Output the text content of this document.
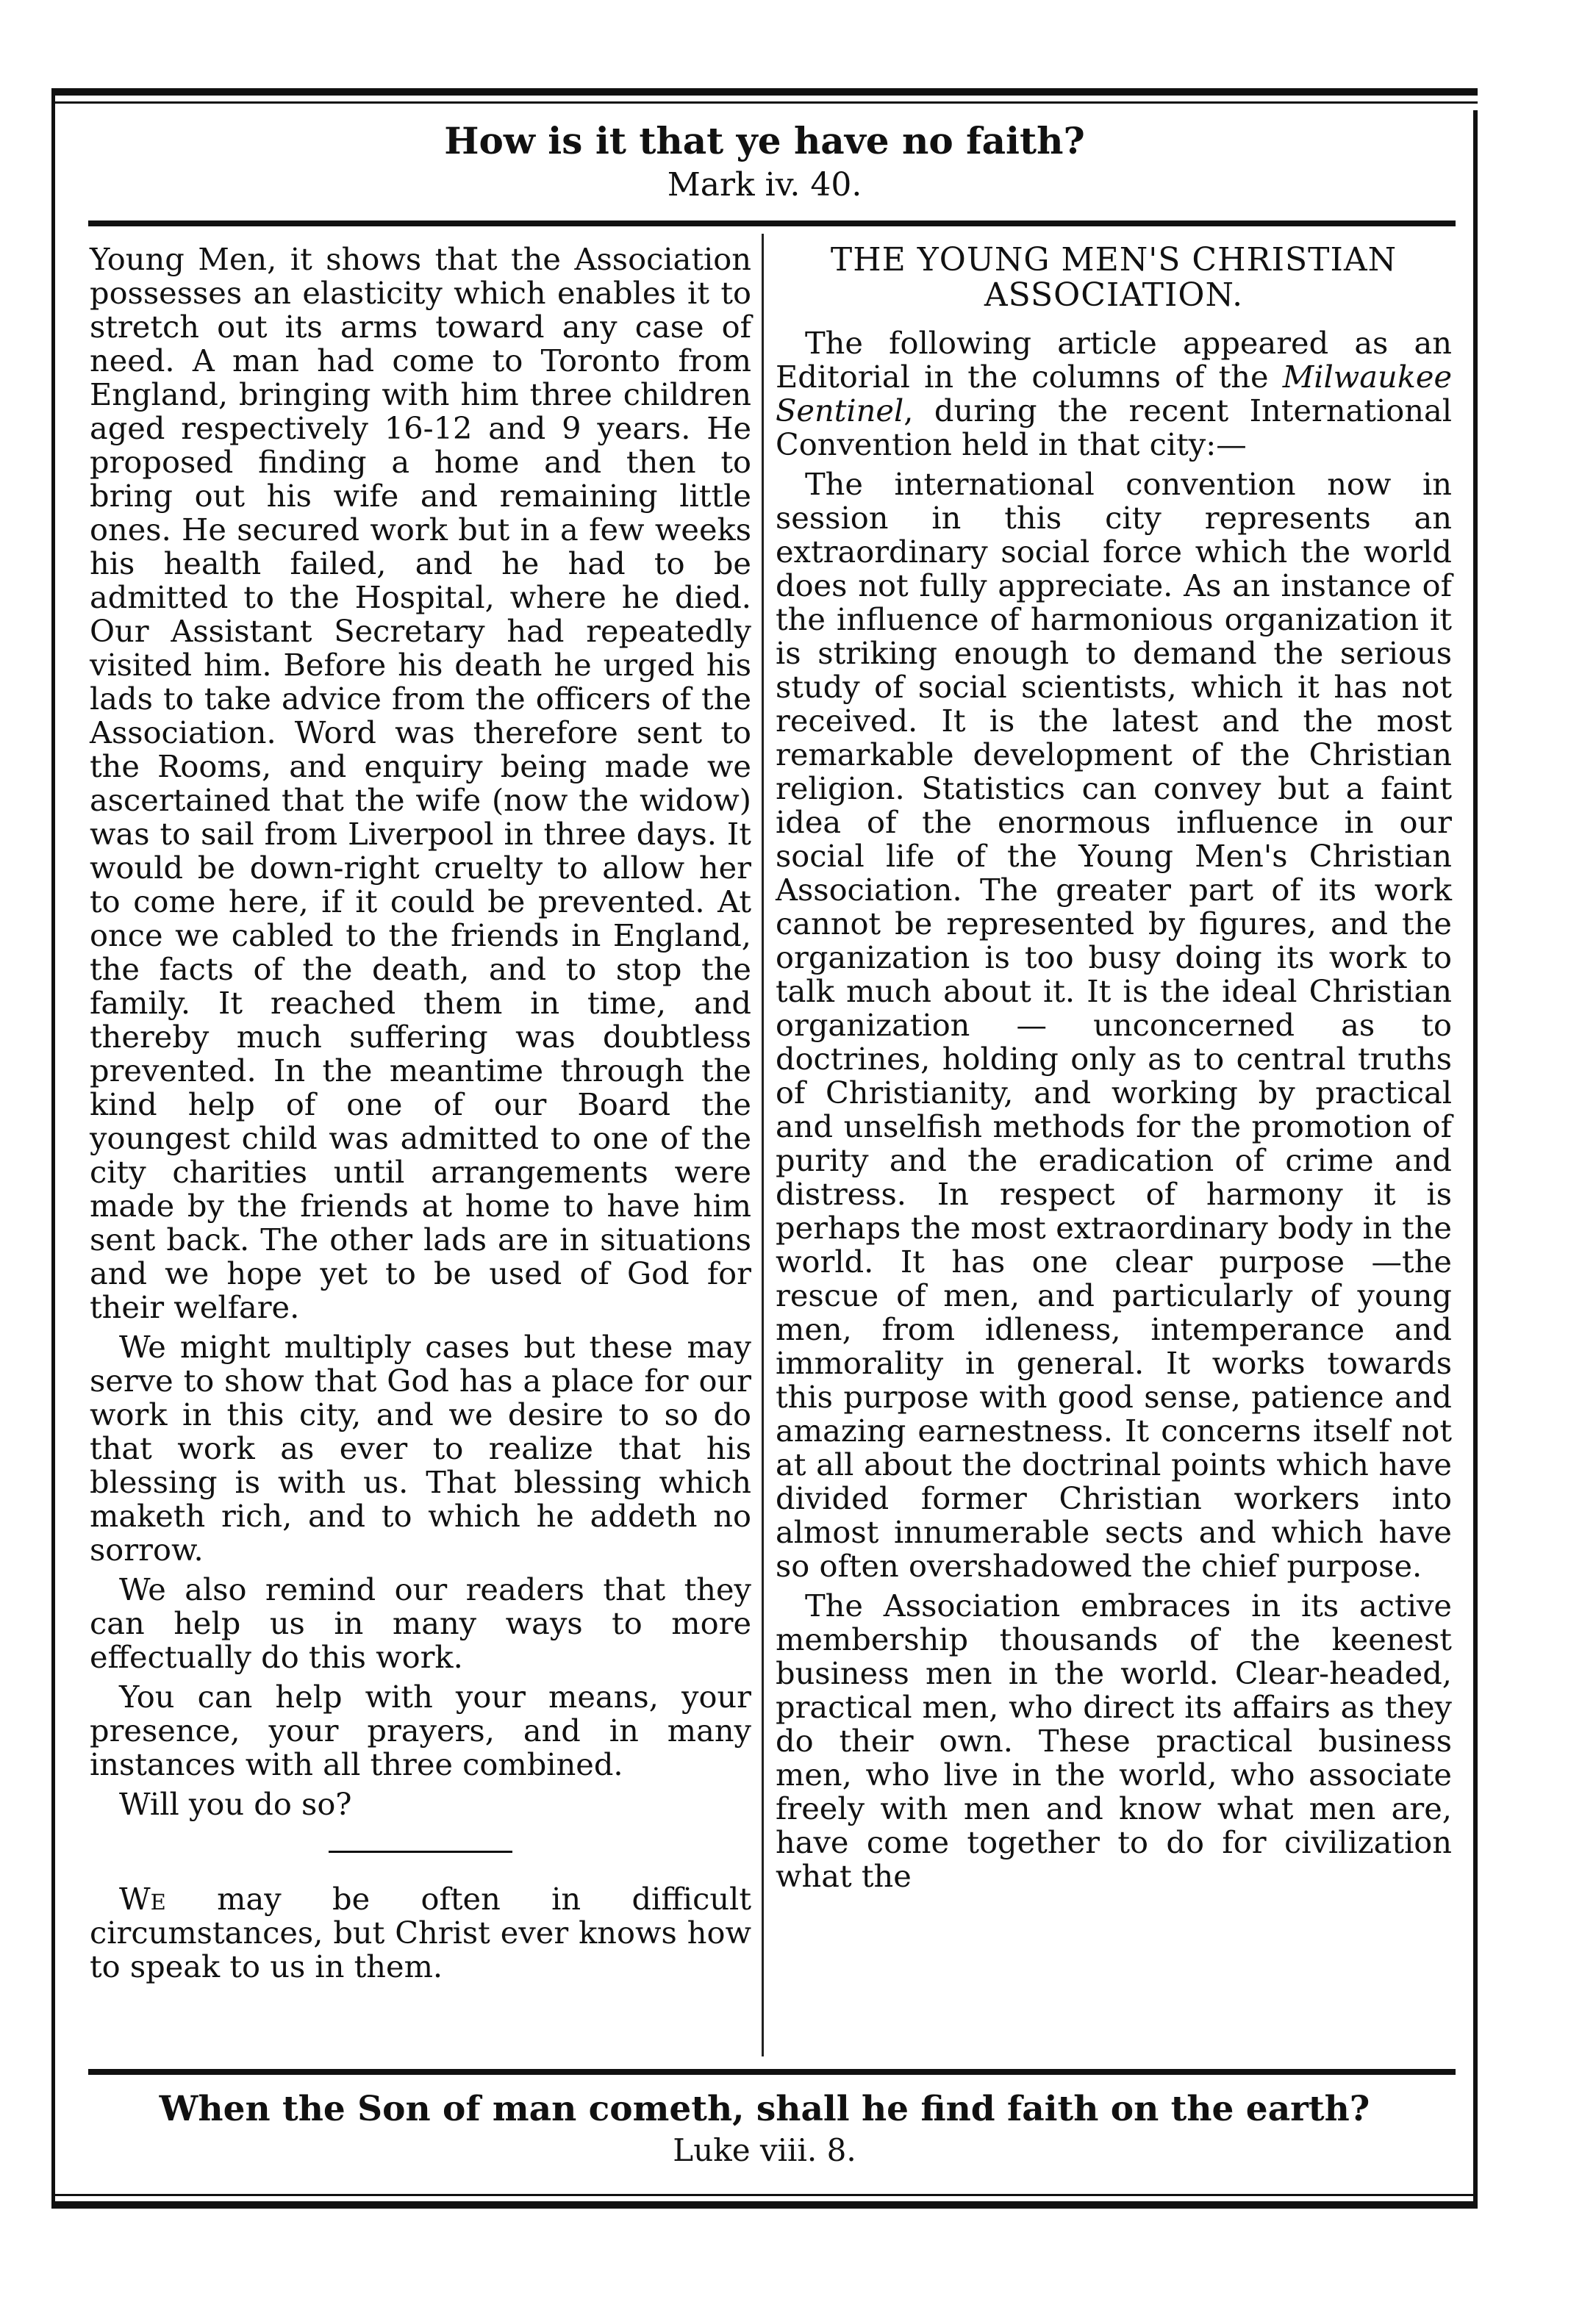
How is it that ye have no faith?
Mark iv. 40.

Young Men, it shows that the Association possesses an elasticity which enables it to stretch out its arms toward any case of need. A man had come to Toronto from England, bringing with him three children aged respectively 16-12 and 9 years. He proposed finding a home and then to bring out his wife and remaining little ones. He secured work but in a few weeks his health failed, and he had to be admitted to the Hospital, where he died. Our Assistant Secretary had repeatedly visited him. Before his death he urged his lads to take advice from the officers of the Association. Word was therefore sent to the Rooms, and enquiry being made we ascertained that the wife (now the widow) was to sail from Liverpool in three days. It would be down-right cruelty to allow her to come here, if it could be prevented. At once we cabled to the friends in England, the facts of the death, and to stop the family. It reached them in time, and thereby much suffering was doubtless prevented. In the meantime through the kind help of one of our Board the youngest child was admitted to one of the city charities until arrangements were made by the friends at home to have him sent back. The other lads are in situations and we hope yet to be used of God for their welfare.

We might multiply cases but these may serve to show that God has a place for our work in this city, and we desire to so do that work as ever to realize that his blessing is with us. That blessing which maketh rich, and to which he addeth no sorrow.

We also remind our readers that they can help us in many ways to more effectually do this work.

You can help with your means, your presence, your prayers, and in many instances with all three combined.

Will you do so?

We may be often in difficult circumstances, but Christ ever knows how to speak to us in them.

THE YOUNG MEN'S CHRISTIAN ASSOCIATION.

The following article appeared as an Editorial in the columns of the Milwaukee Sentinel, during the recent International Convention held in that city:—

The international convention now in session in this city represents an extraordinary social force which the world does not fully appreciate. As an instance of the influence of harmonious organization it is striking enough to demand the serious study of social scientists, which it has not received. It is the latest and the most remarkable development of the Christian religion. Statistics can convey but a faint idea of the enormous influence in our social life of the Young Men's Christian Association. The greater part of its work cannot be represented by figures, and the organization is too busy doing its work to talk much about it. It is the ideal Christian organization — unconcerned as to doctrines, holding only as to central truths of Christianity, and working by practical and unselfish methods for the promotion of purity and the eradication of crime and distress. In respect of harmony it is perhaps the most extraordinary body in the world. It has one clear purpose —the rescue of men, and particularly of young men, from idleness, intemperance and immorality in general. It works towards this purpose with good sense, patience and amazing earnestness. It concerns itself not at all about the doctrinal points which have divided former Christian workers into almost innumerable sects and which have so often overshadowed the chief purpose.

The Association embraces in its active membership thousands of the keenest business men in the world. Clear-headed, practical men, who direct its affairs as they do their own. These practical business men, who live in the world, who associate freely with men and know what men are, have come together to do for civilization what the

When the Son of man cometh, shall he find faith on the earth?
Luke viii. 8.
